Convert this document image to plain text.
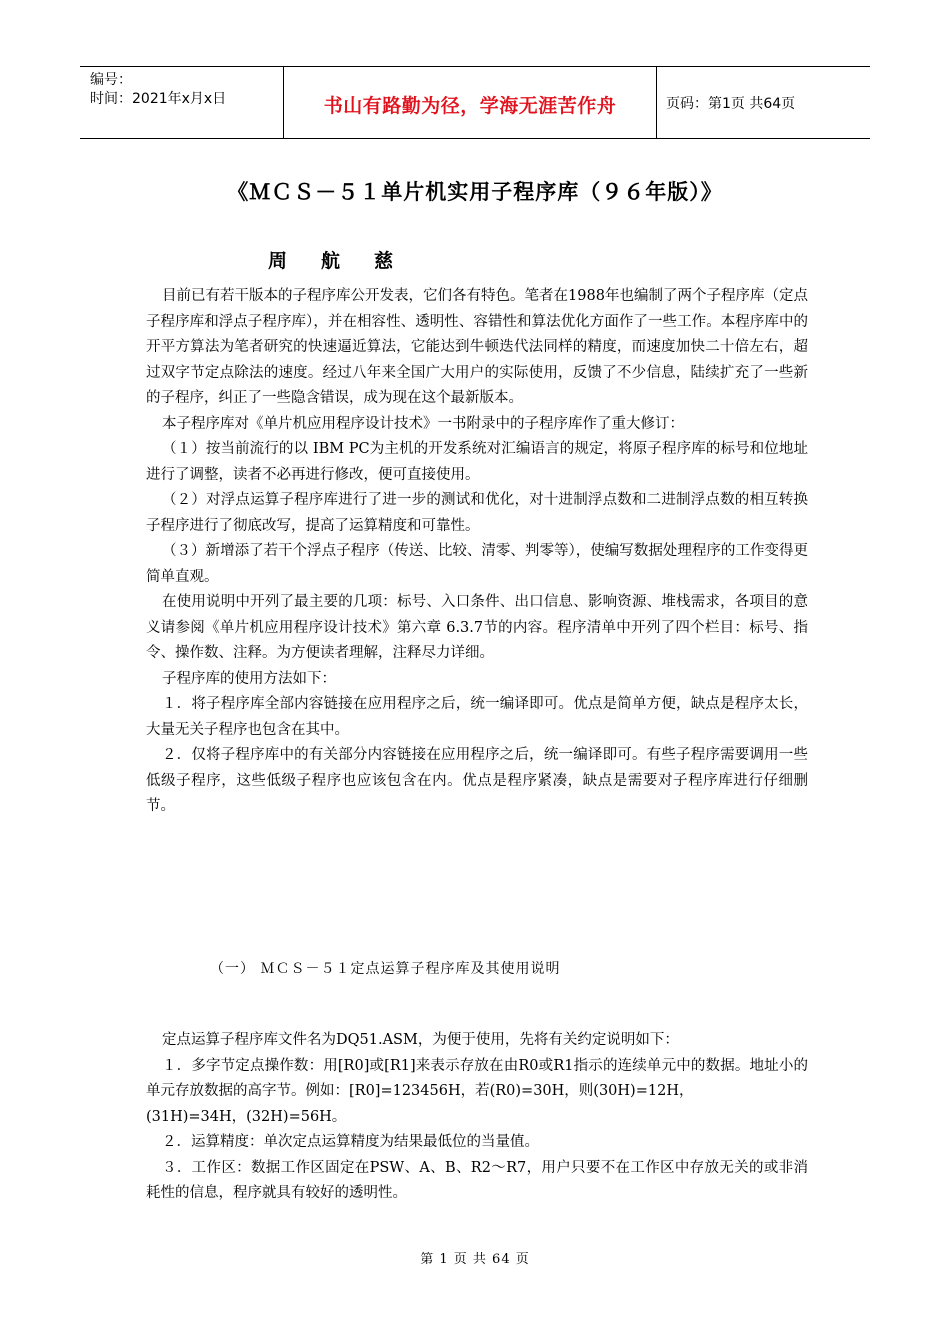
编号：
时间：2021年x月x日	书山有路勤为径，学海无涯苦作舟	页码：第1页 共64页
《ＭＣＳ－５１单片机实用子程序库（９６年版）》
周航慈

目前已有若干版本的子程序库公开发表，它们各有特色。笔者在1988年也编制了两个子程序库（定点子程序库和浮点子程序库），并在相容性、透明性、容错性和算法优化方面作了一些工作。本程序库中的开平方算法为笔者研究的快速逼近算法，它能达到牛顿迭代法同样的精度，而速度加快二十倍左右，超过双字节定点除法的速度。经过八年来全国广大用户的实际使用，反馈了不少信息，陆续扩充了一些新的子程序，纠正了一些隐含错误，成为现在这个最新版本。

本子程序库对《单片机应用程序设计技术》一书附录中的子程序库作了重大修订：

（１）按当前流行的以 IBM PC为主机的开发系统对汇编语言的规定，将原子程序库的标号和位地址进行了调整，读者不必再进行修改，便可直接使用。

（２）对浮点运算子程序库进行了进一步的测试和优化，对十进制浮点数和二进制浮点数的相互转换子程序进行了彻底改写，提高了运算精度和可靠性。

（３）新增添了若干个浮点子程序（传送、比较、清零、判零等），使编写数据处理程序的工作变得更简单直观。

在使用说明中开列了最主要的几项：标号、入口条件、出口信息、影响资源、堆栈需求，各项目的意义请参阅《单片机应用程序设计技术》第六章 6.3.7节的内容。程序清单中开列了四个栏目：标号、指令、操作数、注释。为方便读者理解，注释尽力详细。

子程序库的使用方法如下：

１．将子程序库全部内容链接在应用程序之后，统一编译即可。优点是简单方便，缺点是程序太长，大量无关子程序也包含在其中。

２．仅将子程序库中的有关部分内容链接在应用程序之后，统一编译即可。有些子程序需要调用一些低级子程序，这些低级子程序也应该包含在内。优点是程序紧凑，缺点是需要对子程序库进行仔细删节。

（一） ＭＣＳ－５１定点运算子程序库及其使用说明

定点运算子程序库文件名为DQ51.ASM，为便于使用，先将有关约定说明如下：

１．多字节定点操作数：用[R0]或[R1]来表示存放在由R0或R1指示的连续单元中的数据。地址小的单元存放数据的高字节。例如：[R0]=123456H，若(R0)=30H，则(30H)=12H，

(31H)=34H，(32H)=56H。

２．运算精度：单次定点运算精度为结果最低位的当量值。

３．工作区：数据工作区固定在PSW、A、B、R2～R7，用户只要不在工作区中存放无关的或非消耗性的信息，程序就具有较好的透明性。

第 1 页 共 64 页
